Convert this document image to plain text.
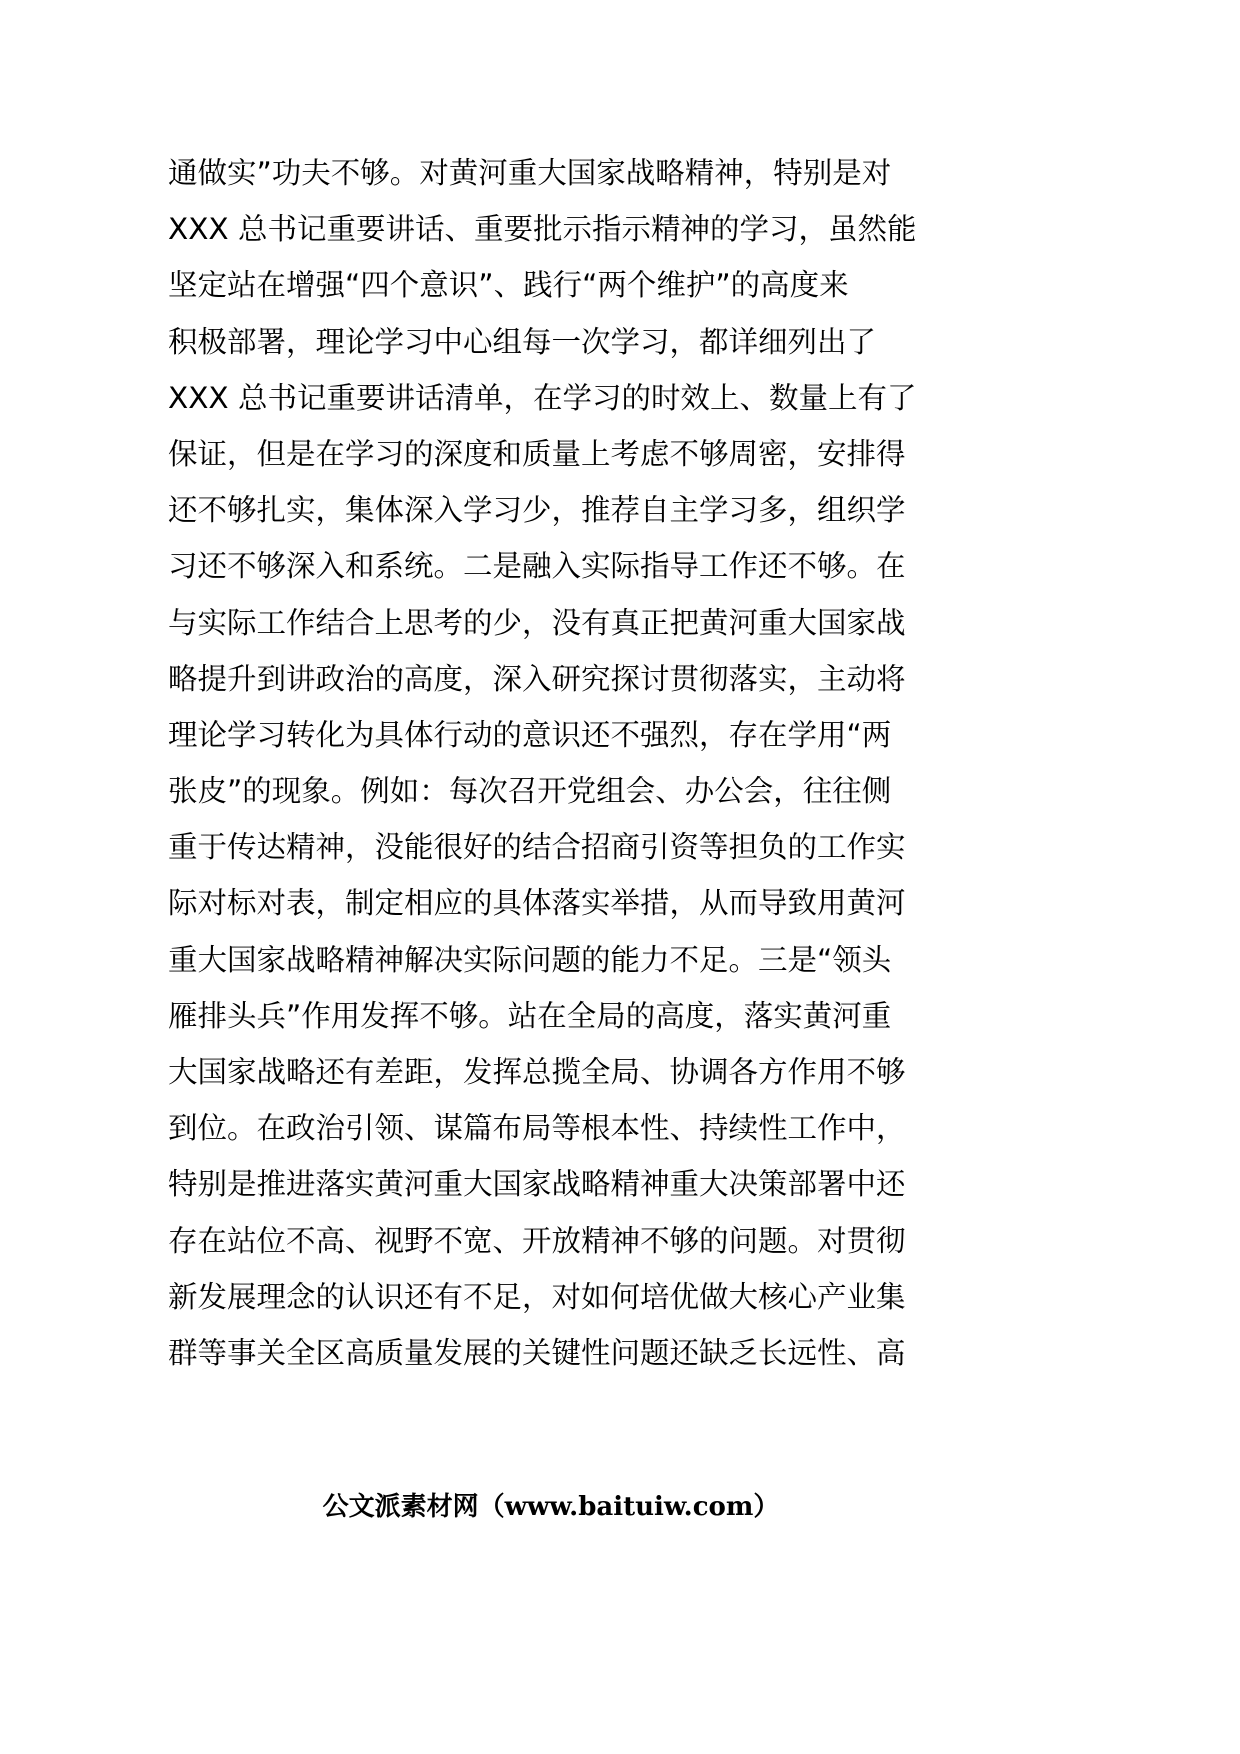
通做实”功夫不够。对黄河重大国家战略精神，特别是对
XXX 总书记重要讲话、重要批示指示精神的学习，虽然能
坚定站在增强“四个意识”、践行“两个维护”的高度来
积极部署，理论学习中心组每一次学习，都详细列出了
XXX 总书记重要讲话清单，在学习的时效上、数量上有了
保证，但是在学习的深度和质量上考虑不够周密，安排得
还不够扎实，集体深入学习少，推荐自主学习多，组织学
习还不够深入和系统。二是融入实际指导工作还不够。在
与实际工作结合上思考的少，没有真正把黄河重大国家战
略提升到讲政治的高度，深入研究探讨贯彻落实，主动将
理论学习转化为具体行动的意识还不强烈，存在学用“两
张皮”的现象。例如：每次召开党组会、办公会，往往侧
重于传达精神，没能很好的结合招商引资等担负的工作实
际对标对表，制定相应的具体落实举措，从而导致用黄河
重大国家战略精神解决实际问题的能力不足。三是“领头
雁排头兵”作用发挥不够。站在全局的高度，落实黄河重
大国家战略还有差距，发挥总揽全局、协调各方作用不够
到位。在政治引领、谋篇布局等根本性、持续性工作中，
特别是推进落实黄河重大国家战略精神重大决策部署中还
存在站位不高、视野不宽、开放精神不够的问题。对贯彻
新发展理念的认识还有不足，对如何培优做大核心产业集
群等事关全区高质量发展的关键性问题还缺乏长远性、高
公文派素材网（www.baituiw.com）
